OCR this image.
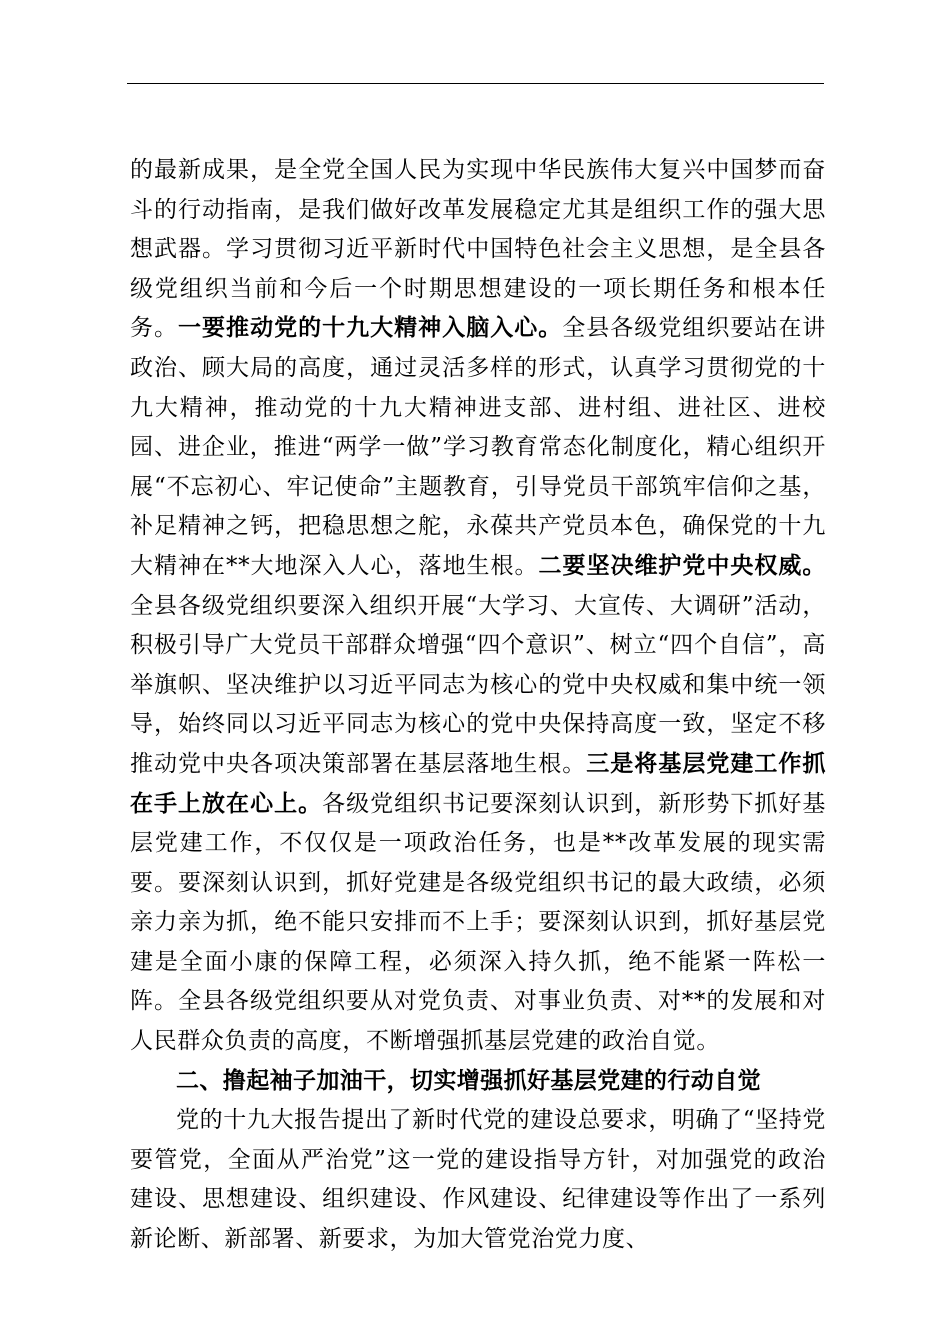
的最新成果，是全党全国人民为实现中华民族伟大复兴中国梦而奋斗的行动指南，是我们做好改革发展稳定尤其是组织工作的强大思想武器。学习贯彻习近平新时代中国特色社会主义思想，是全县各级党组织当前和今后一个时期思想建设的一项长期任务和根本任务。一要推动党的十九大精神入脑入心。全县各级党组织要站在讲政治、顾大局的高度，通过灵活多样的形式，认真学习贯彻党的十九大精神，推动党的十九大精神进支部、进村组、进社区、进校园、进企业，推进“两学一做”学习教育常态化制度化，精心组织开展“不忘初心、牢记使命”主题教育，引导党员干部筑牢信仰之基，补足精神之钙，把稳思想之舵，永葆共产党员本色，确保党的十九大精神在**大地深入人心，落地生根。二要坚决维护党中央权威。全县各级党组织要深入组织开展“大学习、大宣传、大调研”活动，积极引导广大党员干部群众增强“四个意识”、树立“四个自信”，高举旗帜、坚决维护以习近平同志为核心的党中央权威和集中统一领导，始终同以习近平同志为核心的党中央保持高度一致，坚定不移推动党中央各项决策部署在基层落地生根。三是将基层党建工作抓在手上放在心上。各级党组织书记要深刻认识到，新形势下抓好基层党建工作，不仅仅是一项政治任务，也是**改革发展的现实需要。要深刻认识到，抓好党建是各级党组织书记的最大政绩，必须亲力亲为抓，绝不能只安排而不上手；要深刻认识到，抓好基层党建是全面小康的保障工程，必须深入持久抓，绝不能紧一阵松一阵。全县各级党组织要从对党负责、对事业负责、对**的发展和对人民群众负责的高度，不断增强抓基层党建的政治自觉。

二、撸起袖子加油干，切实增强抓好基层党建的行动自觉

党的十九大报告提出了新时代党的建设总要求，明确了“坚持党要管党，全面从严治党”这一党的建设指导方针，对加强党的政治建设、思想建设、组织建设、作风建设、纪律建设等作出了一系列新论断、新部署、新要求，为加大管党治党力度、
